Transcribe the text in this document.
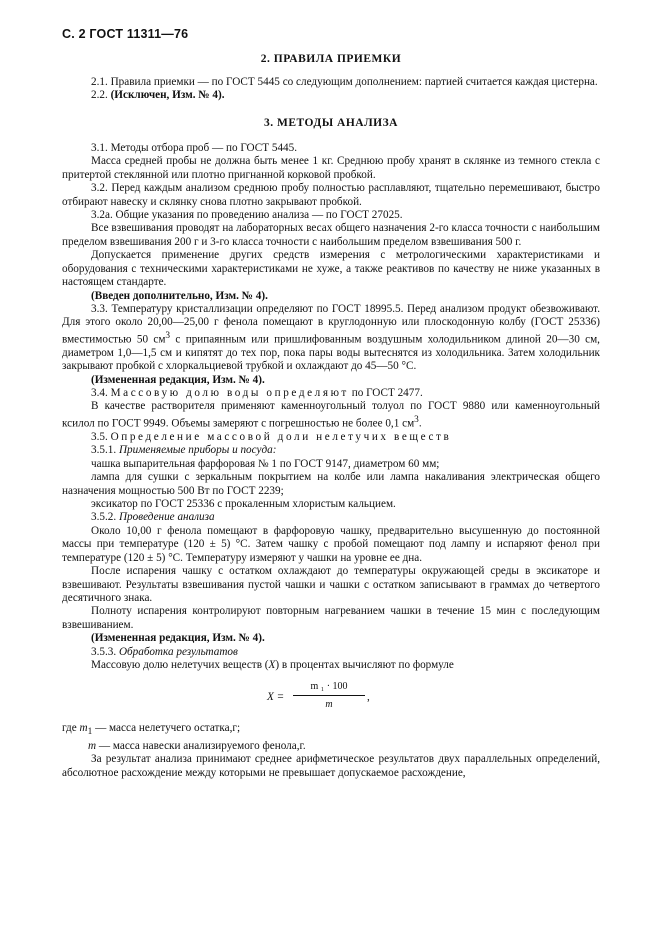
С. 2 ГОСТ 11311—76
2. ПРАВИЛА ПРИЕМКИ

2.1. Правила приемки — по ГОСТ 5445 со следующим дополнением: партией считается каждая цистерна.

2.2. (Исключен, Изм. № 4).

3. МЕТОДЫ АНАЛИЗА

3.1. Методы отбора проб — по ГОСТ 5445.

Масса средней пробы не должна быть менее 1 кг. Среднюю пробу хранят в склянке из темного стекла с притертой стеклянной или плотно пригнанной корковой пробкой.

3.2. Перед каждым анализом среднюю пробу полностью расплавляют, тщательно перемешивают, быстро отбирают навеску и склянку снова плотно закрывают пробкой.

3.2а. Общие указания по проведению анализа — по ГОСТ 27025.

Все взвешивания проводят на лабораторных весах общего назначения 2-го класса точности с наибольшим пределом взвешивания 200 г и 3-го класса точности с наибольшим пределом взвешивания 500 г.

Допускается применение других средств измерения с метрологическими характеристиками и оборудования с техническими характеристиками не хуже, а также реактивов по качеству не ниже указанных в настоящем стандарте.

(Введен дополнительно, Изм. № 4).

3.3. Температуру кристаллизации определяют по ГОСТ 18995.5. Перед анализом продукт обезвоживают. Для этого около 20,00—25,00 г фенола помещают в круглодонную или плоскодонную колбу (ГОСТ 25336) вместимостью 50 $см^3$ с припаянным или пришлифованным воздушным холодильником длиной 20—30 см, диаметром 1,0—1,5 см и кипятят до тех пор, пока пары воды вытеснятся из холодильника. Затем холодильник закрывают пробкой с хлоркальциевой трубкой и охлаждают до 45—50 °С.

(Измененная редакция, Изм. № 4).

3.4. Массовую долю воды определяют по ГОСТ 2477.

В качестве растворителя применяют каменноугольный толуол по ГОСТ 9880 или каменноугольный ксилол по ГОСТ 9949. Объемы замеряют с погрешностью не более 0,1 $см^3$.

3.5. Определение массовой доли нелетучих веществ

3.5.1. Применяемые приборы и посуда:

чашка выпарительная фарфоровая № 1 по ГОСТ 9147, диаметром 60 мм;

лампа для сушки с зеркальным покрытием на колбе или лампа накаливания электрическая общего назначения мощностью 500 Вт по ГОСТ 2239;

эксикатор по ГОСТ 25336 с прокаленным хлористым кальцием.

3.5.2. Проведение анализа

Около 10,00 г фенола помещают в фарфоровую чашку, предварительно высушенную до постоянной массы при температуре (120 ± 5) °С. Затем чашку с пробой помещают под лампу и испаряют фенол при температуре (120 ± 5) °С. Температуру измеряют у чашки на уровне ее дна.

После испарения чашку с остатком охлаждают до температуры окружающей среды в эксикаторе и взвешивают. Результаты взвешивания пустой чашки и чашки с остатком записывают в граммах до четвертого десятичного знака.

Полноту испарения контролируют повторным нагреванием чашки в течение 15 мин с последующим взвешиванием.

(Измененная редакция, Изм. № 4).

3.5.3. Обработка результатов

Массовую долю нелетучих веществ (X) в процентах вычисляют по формуле

X =
m ₁ · 100
m
,

где $m_1$ — масса нелетучего остатка,г;

m — масса навески анализируемого фенола,г.

За результат анализа принимают среднее арифметическое результатов двух параллельных определений, абсолютное расхождение между которыми не превышает допускаемое расхождение,
